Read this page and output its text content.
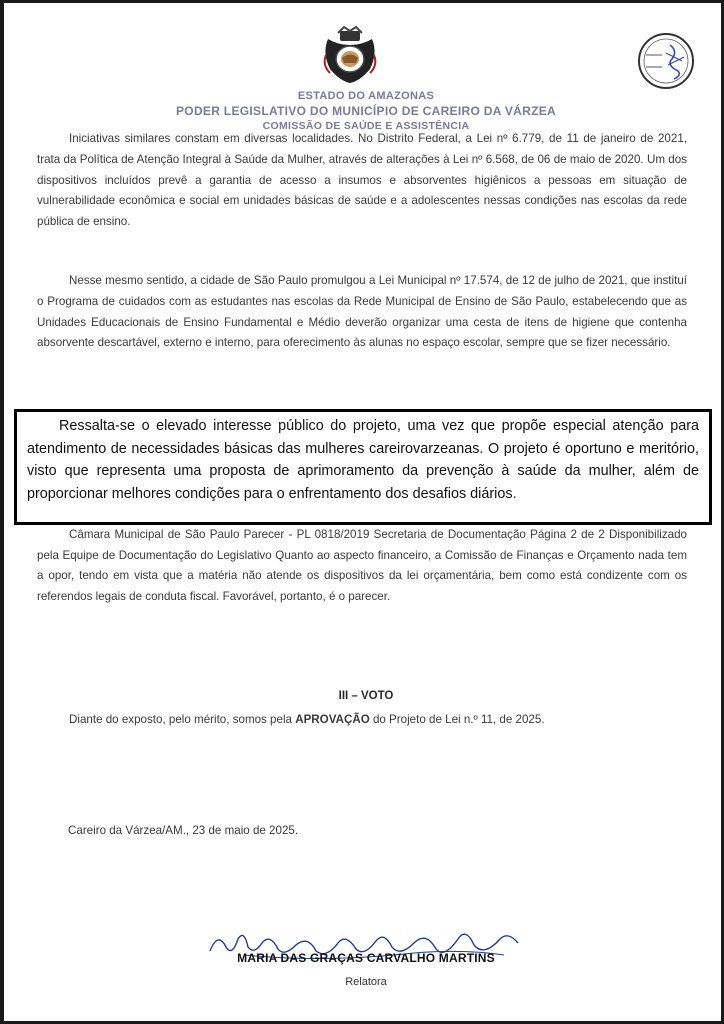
ESTADO DO AMAZONAS
PODER LEGISLATIVO DO MUNICÍPIO DE CAREIRO DA VÁRZEA
COMISSÃO DE SAÚDE E ASSISTÊNCIA

Iniciativas similares constam em diversas localidades. No Distrito Federal, a Lei nº 6.779, de 11 de janeiro de 2021, trata da Política de Atenção Integral à Saúde da Mulher, através de alterações à Lei nº 6.568, de 06 de maio de 2020. Um dos dispositivos incluídos prevê a garantia de acesso a insumos e absorventes higiênicos a pessoas em situação de vulnerabilidade econômica e social em unidades básicas de saúde e a adolescentes nessas condições nas escolas da rede pública de ensino.

Nesse mesmo sentido, a cidade de São Paulo promulgou a Lei Municipal nº 17.574, de 12 de julho de 2021, que instituí o Programa de cuidados com as estudantes nas escolas da Rede Municipal de Ensino de São Paulo, estabelecendo que as Unidades Educacionais de Ensino Fundamental e Médio deverão organizar uma cesta de itens de higiene que contenha absorvente descartável, externo e interno, para oferecimento às alunas no espaço escolar, sempre que se fizer necessário.

Ressalta-se o elevado interesse público do projeto, uma vez que propõe especial atenção para atendimento de necessidades básicas das mulheres careirovarzeanas. O projeto é oportuno e meritório, visto que representa uma proposta de aprimoramento da prevenção à saúde da mulher, além de proporcionar melhores condições para o enfrentamento dos desafios diários.

Câmara Municipal de São Paulo Parecer - PL 0818/2019 Secretaria de Documentação Página 2 de 2 Disponibilizado pela Equipe de Documentação do Legislativo Quanto ao aspecto financeiro, a Comissão de Finanças e Orçamento nada tem a opor, tendo em vista que a matéria não atende os dispositivos da lei orçamentária, bem como está condizente com os referendos legais de conduta fiscal. Favorável, portanto, é o parecer.

III – VOTO

Diante do exposto, pelo mérito, somos pela APROVAÇÃO do Projeto de Lei n.º 11, de 2025.

Careiro da Várzea/AM., 23 de maio de 2025.
MARIA DAS GRAÇAS CARVALHO MARTINS
Relatora
